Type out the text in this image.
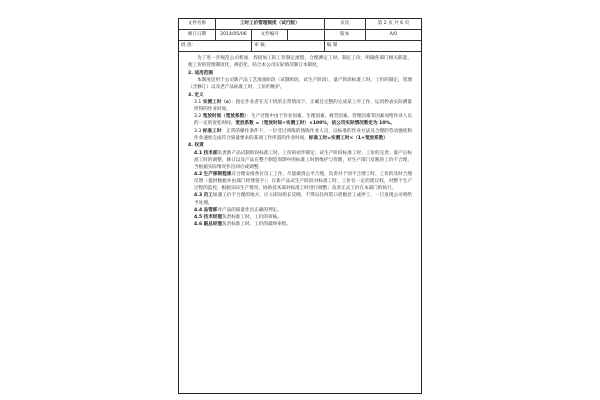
文件名称	工时工价管理制度（试行版）			页次	第 2 页 共 6 页
修订日期	2014/05/06	文件编号		版本	A/0
批 准：		审 核：		编 制	

为了进一步规范公司机加、焊接加工的工价制定流程，合理测定工时、制定工价，明确各部门相关职能，使工价的管理制度化、规范化，结合本公司实际情况制订本制度。

2. 适用范围

本制度适用于公司新产品工艺准备阶段（试制阶段、试生产阶段），量产阶段标准工时、工价的制定，管理（含修订）以及老产品标准工时、工价的维护。

3. 定义

3.1 实测工时（s）：指定作业者在无干扰的正常情况下，正确且完整的完成某工序工作，运用秒表实际测量所得的作业时间。

3.2 宽放时间（宽放系数）：生产过程中由于作业因素、生理因素、疲劳因素、管理因素等因素而给作业人员的一定的宽松时间。宽放系数 =（宽放时间÷实测工时）×100%，依公司实际情况暂定为 10%。

3.3 标准工时：正常的操作条件下，一位受过训练的熟练作业人员，以标准的作业方法及合理的劳动强度和作业速度完成符合质量要求的某项工作所需的作业时间，标准工时=实测工时×（1+宽放系数）

4. 权责

4.1 技术部负责新产品试制阶段标准工时、工价的初步制定；试生产阶段标准工时、工价的完善；量产后标准工时的调整、修订以及产品在整个制造周期中的标准工时的维护与管理，对生产部门反映的工价不合理，当根据实际情况作出回应或调整。

4.2 生产部制程课应合理安排各位员工工作，尽量做到公平合理，负责对个别不合理工时、工价的及时合理反馈（提供数据并由部门经理签字）；在新产品试生产阶段对标准工时、工价有一定的建议权，对整个生产过程的监控，根据实际生产情况，协助技术部对标准工时进行调整；负责正式工价在本部门的执行。

4.3 员工如遇工价不合理的地方，应立即向组长反映，不得以任何借口消极怠工或停工，一旦发现公司将给予处理。

4.4 品管部对产品的质量作出正确的判定。

4.5 技术经理负责标准工时、工价的审核。

4.6 副总经理负责标准工时、工价的最终审批。
